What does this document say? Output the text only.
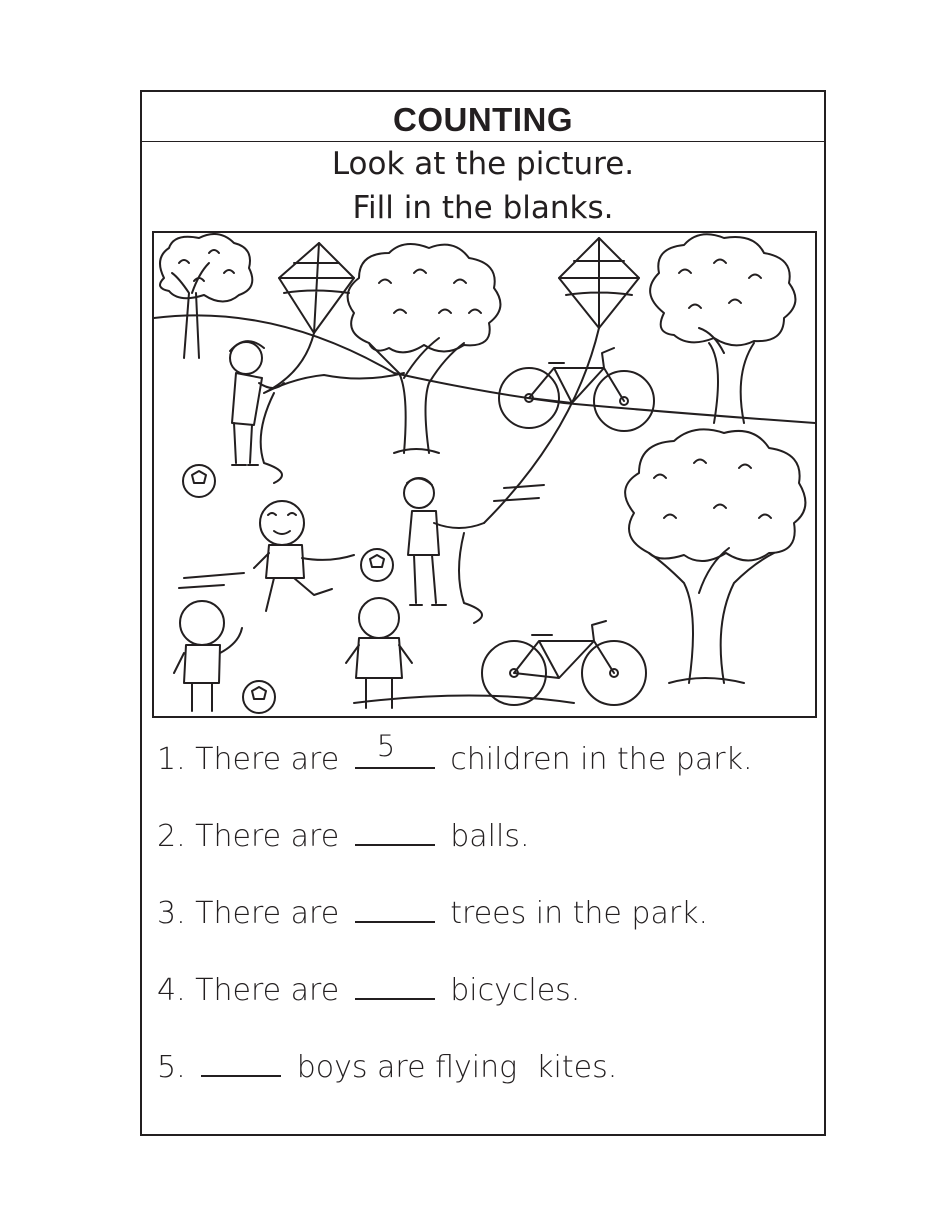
COUNTING
Look at the picture.
Fill in the blanks.
1. There are 5 children in the park.
2. There are	balls.
3. There are	trees in the park.
4. There are	bicycles.
5.	boys are flying  kites.
